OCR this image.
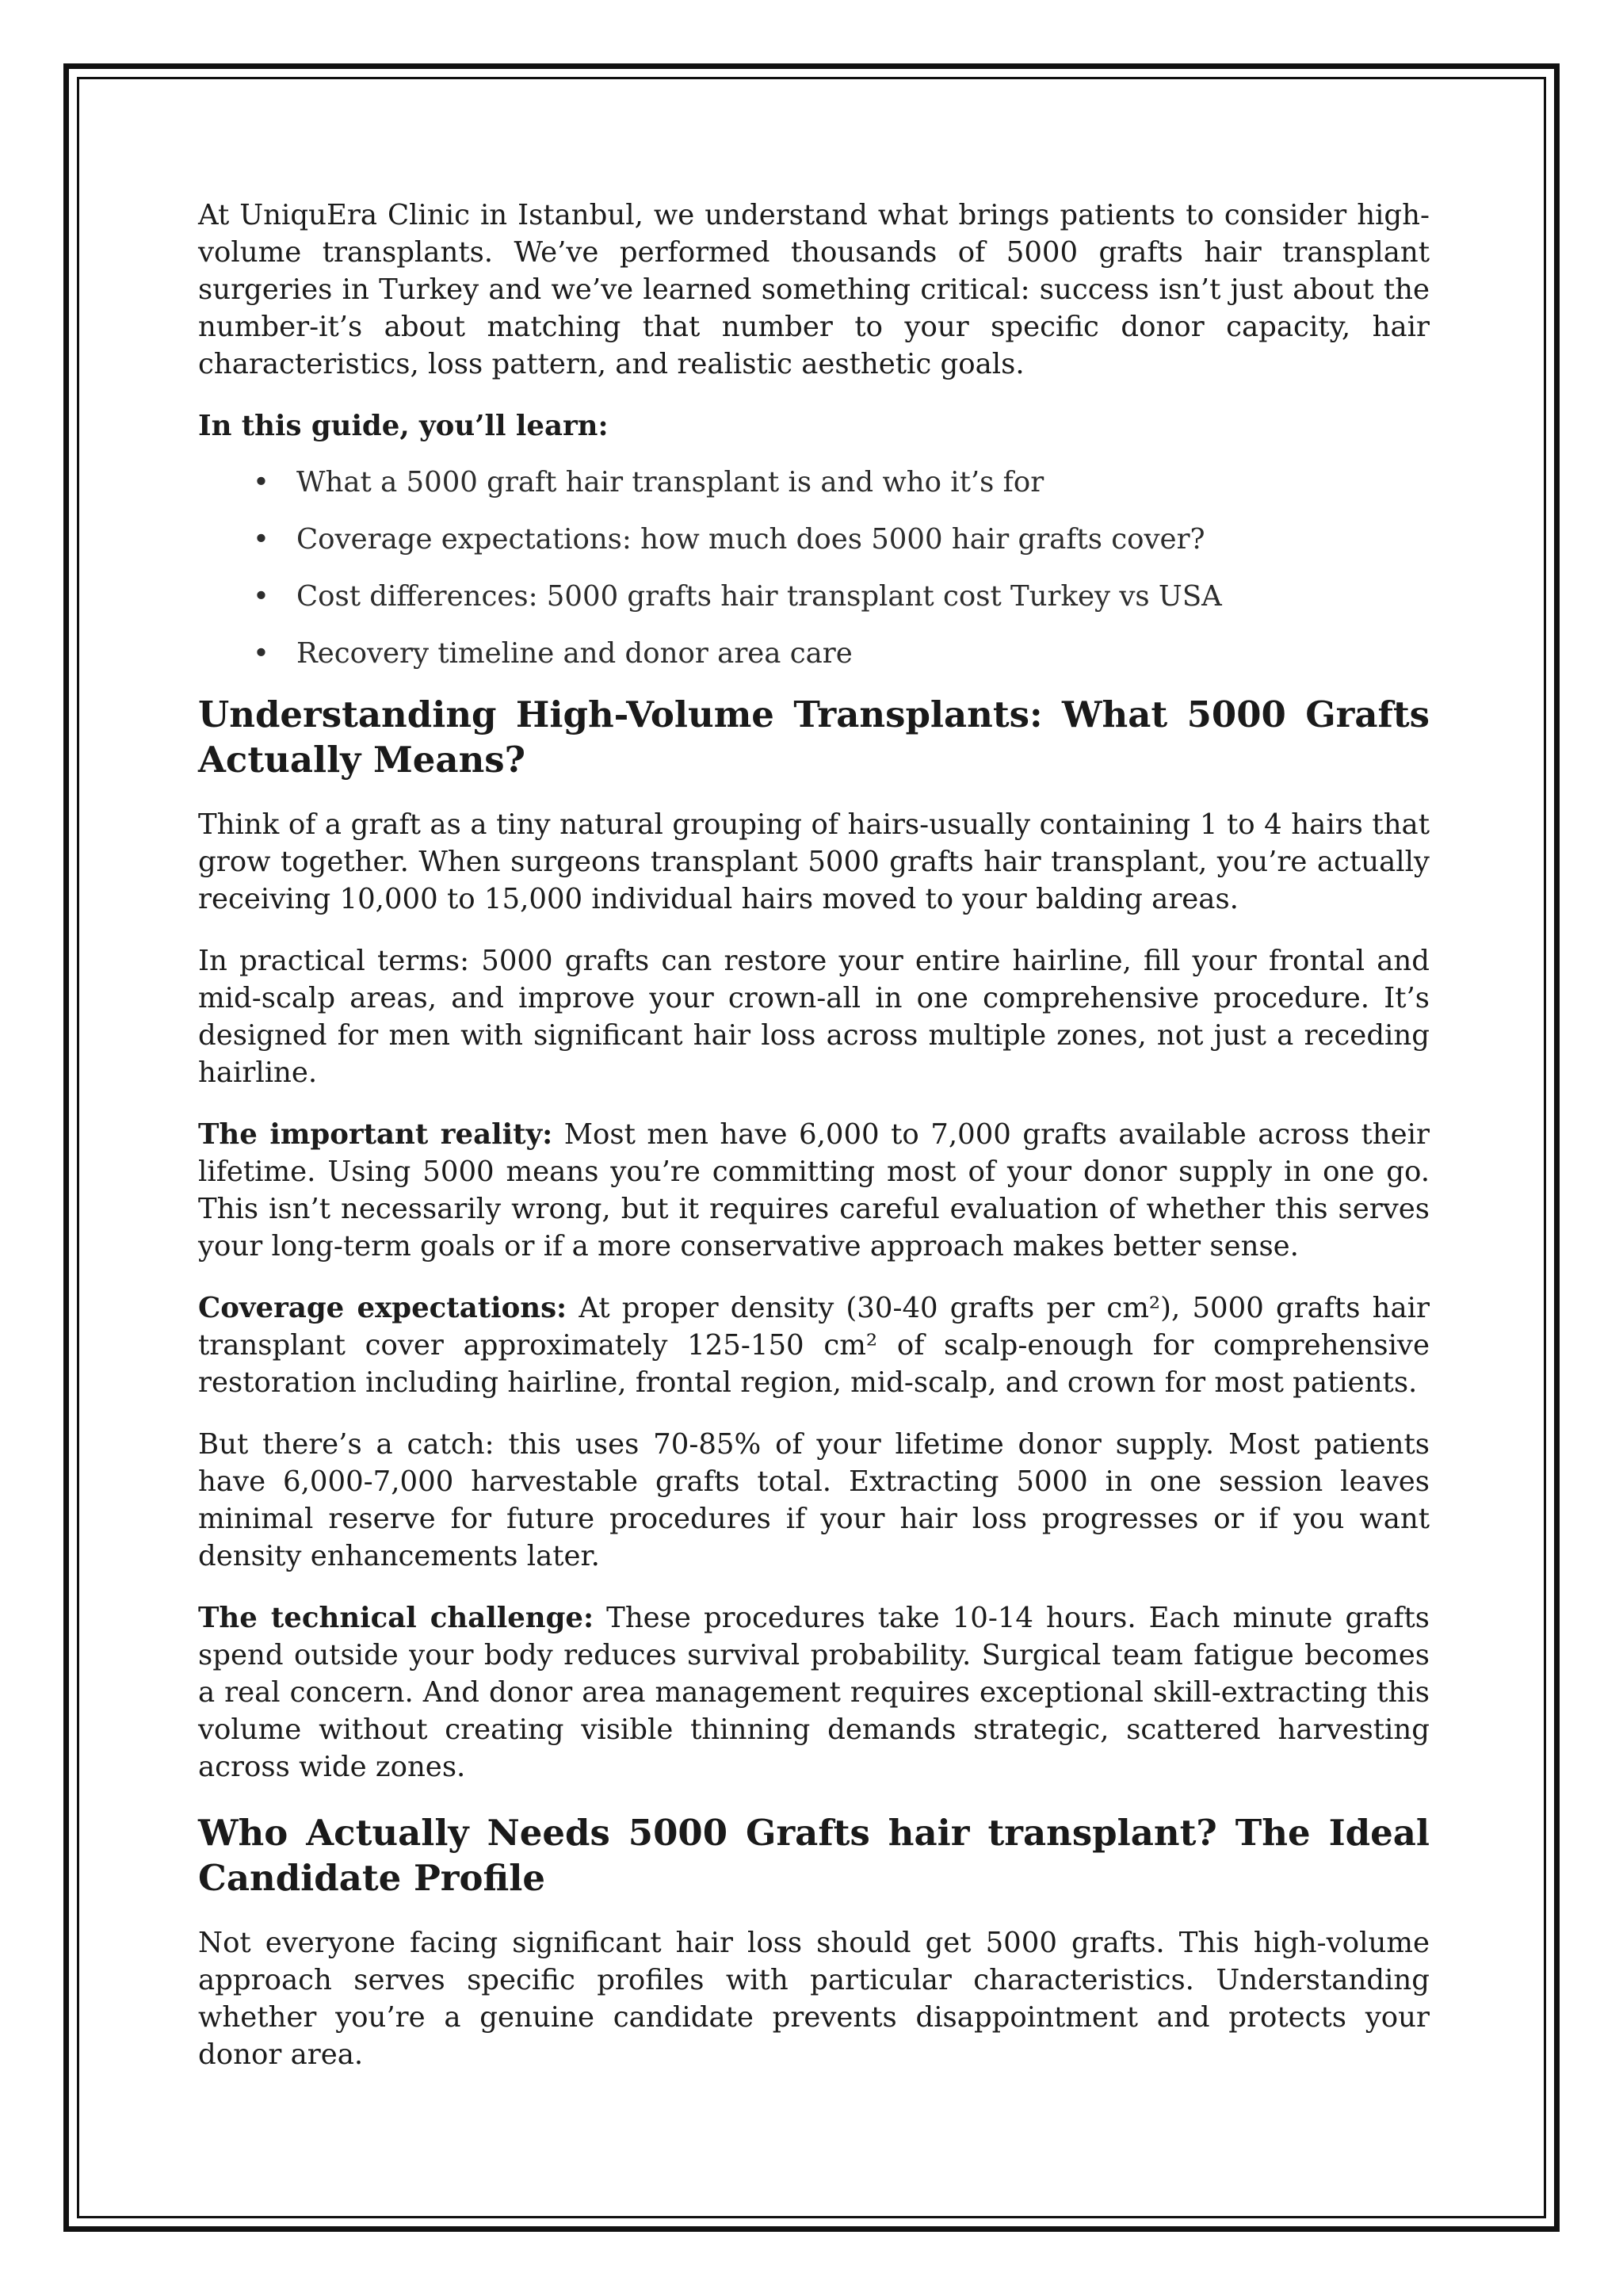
At UniquEra Clinic in Istanbul, we understand what brings patients to consider high-volume transplants. We’ve performed thousands of 5000 grafts hair transplant surgeries in Turkey and we’ve learned something critical: success isn’t just about the number-it’s about matching that number to your specific donor capacity, hair characteristics, loss pattern, and realistic aesthetic goals.

In this guide, you’ll learn:

• What a 5000 graft hair transplant is and who it’s for
• Coverage expectations: how much does 5000 hair grafts cover?
• Cost differences: 5000 grafts hair transplant cost Turkey vs USA
• Recovery timeline and donor area care
Understanding High-Volume Transplants: What 5000 Grafts Actually Means?

Think of a graft as a tiny natural grouping of hairs-usually containing 1 to 4 hairs that grow together. When surgeons transplant 5000 grafts hair transplant, you’re actually receiving 10,000 to 15,000 individual hairs moved to your balding areas.

In practical terms: 5000 grafts can restore your entire hairline, fill your frontal and mid-scalp areas, and improve your crown-all in one comprehensive procedure. It’s designed for men with significant hair loss across multiple zones, not just a receding hairline.

The important reality: Most men have 6,000 to 7,000 grafts available across their lifetime. Using 5000 means you’re committing most of your donor supply in one go. This isn’t necessarily wrong, but it requires careful evaluation of whether this serves your long-term goals or if a more conservative approach makes better sense.

Coverage expectations: At proper density (30-40 grafts per cm²), 5000 grafts hair transplant cover approximately 125-150 cm² of scalp-enough for comprehensive restoration including hairline, frontal region, mid-scalp, and crown for most patients.

But there’s a catch: this uses 70-85% of your lifetime donor supply. Most patients have 6,000-7,000 harvestable grafts total. Extracting 5000 in one session leaves minimal reserve for future procedures if your hair loss progresses or if you want density enhancements later.

The technical challenge: These procedures take 10-14 hours. Each minute grafts spend outside your body reduces survival probability. Surgical team fatigue becomes a real concern. And donor area management requires exceptional skill-extracting this volume without creating visible thinning demands strategic, scattered harvesting across wide zones.

Who Actually Needs 5000 Grafts hair transplant? The Ideal Candidate Profile

Not everyone facing significant hair loss should get 5000 grafts. This high-volume approach serves specific profiles with particular characteristics. Understanding whether you’re a genuine candidate prevents disappointment and protects your donor area.
